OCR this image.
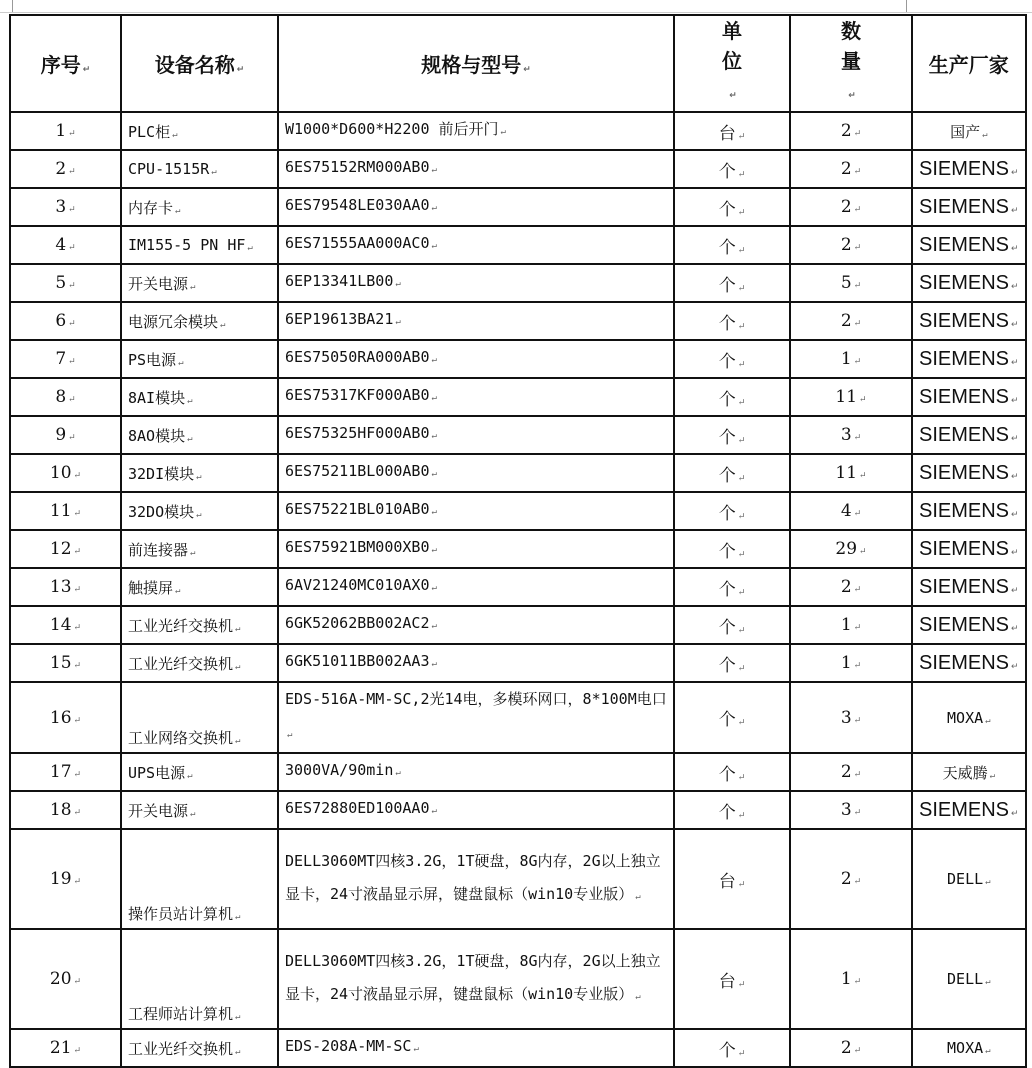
序号 ↵	设备名称 ↵	规格与型号 ↵	单位 ↵	数量 ↵	生产厂家
1 ↵	PLC柜 ↵	W1000*D600*H2200 前后开门 ↵	台 ↵	2 ↵	国产 ↵
2 ↵	CPU-1515R ↵	6ES75152RM000AB0 ↵	个 ↵	2 ↵	SIEMENS ↵
3 ↵	内存卡 ↵	6ES79548LE030AA0 ↵	个 ↵	2 ↵	SIEMENS ↵
4 ↵	IM155-5 PN HF ↵	6ES71555AA000AC0 ↵	个 ↵	2 ↵	SIEMENS ↵
5 ↵	开关电源 ↵	6EP13341LB00 ↵	个 ↵	5 ↵	SIEMENS ↵
6 ↵	电源冗余模块 ↵	6EP19613BA21 ↵	个 ↵	2 ↵	SIEMENS ↵
7 ↵	PS电源 ↵	6ES75050RA000AB0 ↵	个 ↵	1 ↵	SIEMENS ↵
8 ↵	8AI模块 ↵	6ES75317KF000AB0 ↵	个 ↵	11 ↵	SIEMENS ↵
9 ↵	8AO模块 ↵	6ES75325HF000AB0 ↵	个 ↵	3 ↵	SIEMENS ↵
10 ↵	32DI模块 ↵	6ES75211BL000AB0 ↵	个 ↵	11 ↵	SIEMENS ↵
11 ↵	32DO模块 ↵	6ES75221BL010AB0 ↵	个 ↵	4 ↵	SIEMENS ↵
12 ↵	前连接器 ↵	6ES75921BM000XB0 ↵	个 ↵	29 ↵	SIEMENS ↵
13 ↵	触摸屏 ↵	6AV21240MC010AX0 ↵	个 ↵	2 ↵	SIEMENS ↵
14 ↵	工业光纤交换机 ↵	6GK52062BB002AC2 ↵	个 ↵	1 ↵	SIEMENS ↵
15 ↵	工业光纤交换机 ↵	6GK51011BB002AA3 ↵	个 ↵	1 ↵	SIEMENS ↵
16 ↵	工业网络交换机 ↵	EDS-516A-MM-SC,2光14电，多模环网口，8*100M电口 ↵	个 ↵	3 ↵	MOXA ↵
17 ↵	UPS电源 ↵	3000VA/90min ↵	个 ↵	2 ↵	天威腾 ↵
18 ↵	开关电源 ↵	6ES72880ED100AA0 ↵	个 ↵	3 ↵	SIEMENS ↵
19 ↵	操作员站计算机 ↵	DELL3060MT四核3.2G，1T硬盘，8G内存，2G以上独立显卡，24寸液晶显示屏，键盘鼠标（win10专业版） ↵	台 ↵	2 ↵	DELL ↵
20 ↵	工程师站计算机 ↵	DELL3060MT四核3.2G，1T硬盘，8G内存，2G以上独立显卡，24寸液晶显示屏，键盘鼠标（win10专业版） ↵	台 ↵	1 ↵	DELL ↵
21 ↵	工业光纤交换机 ↵	EDS-208A-MM-SC ↵	个 ↵	2 ↵	MOXA ↵
